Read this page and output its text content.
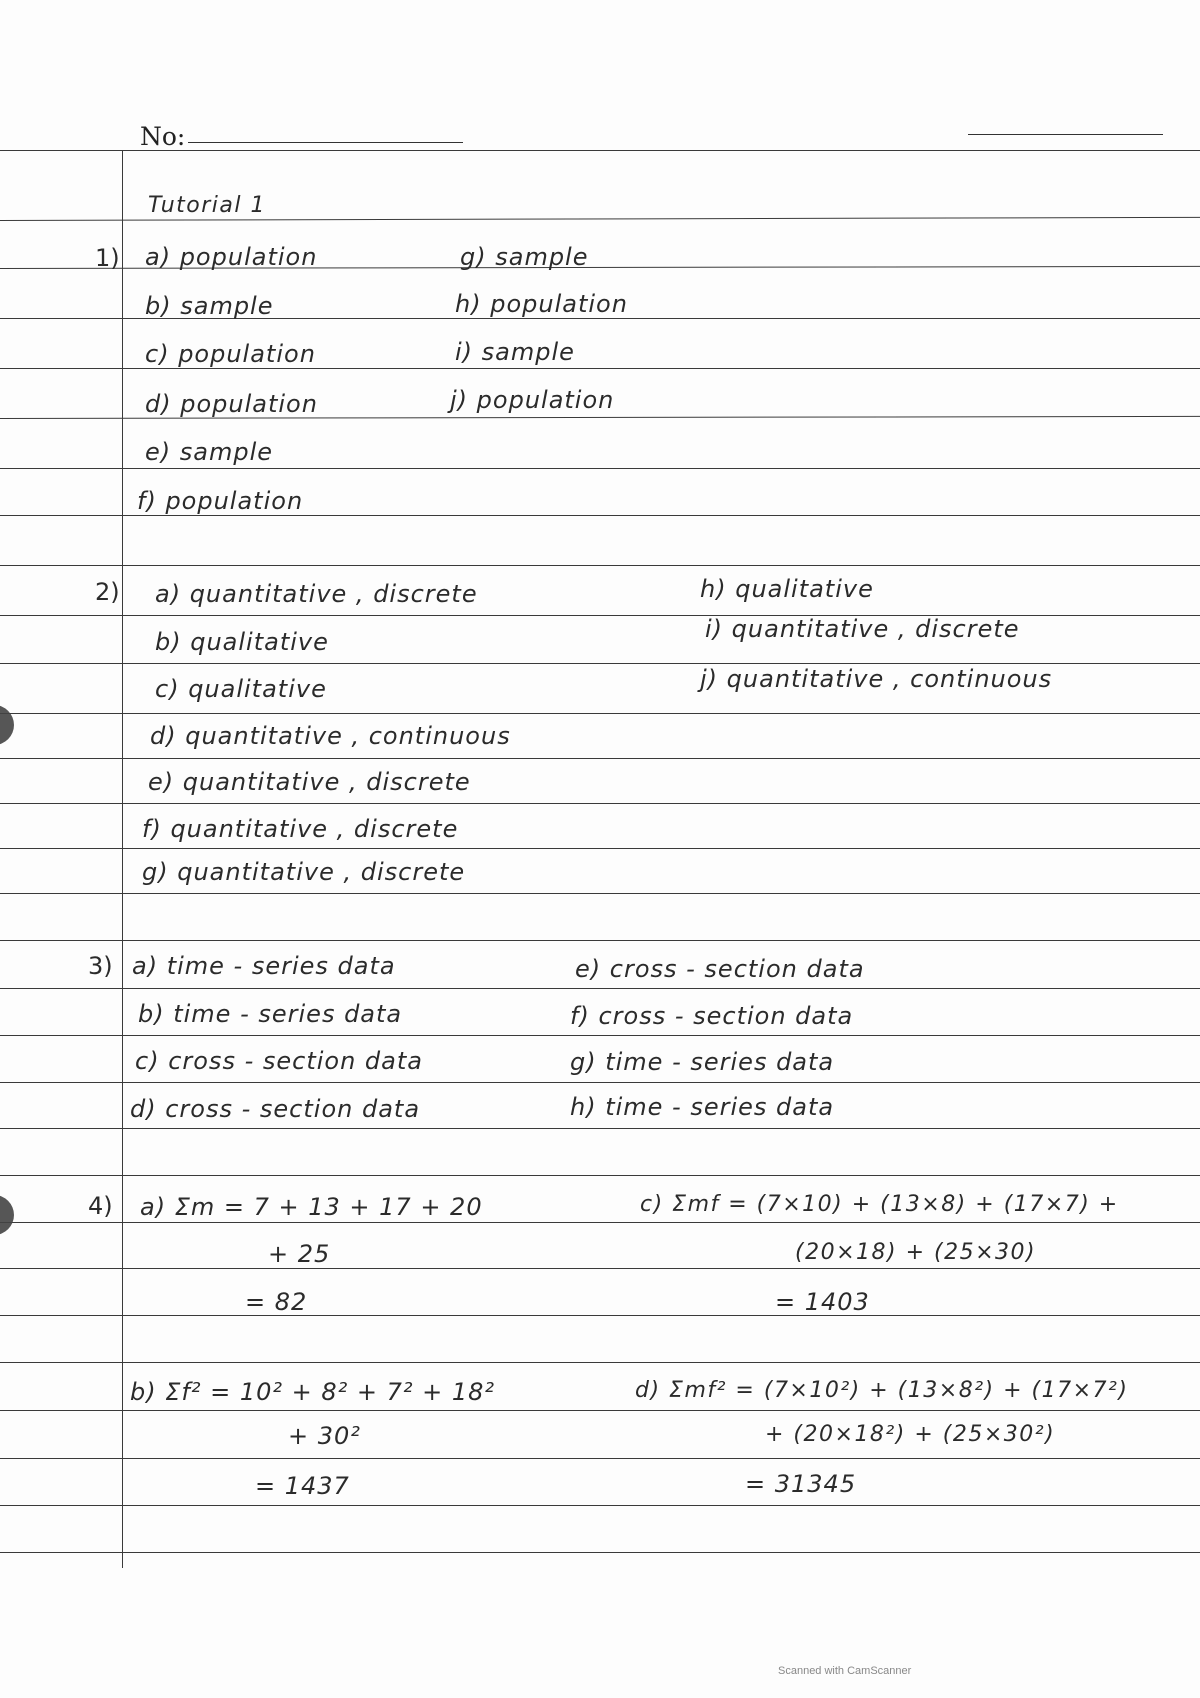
No:
Tutorial 1
1) a) population
b) sample
c) population
d) population
e) sample
f) population
g) sample
h) population
i) sample
j) population
2) a) quantitative , discrete
b) qualitative
c) qualitative
d) quantitative , continuous
e) quantitative , discrete
f) quantitative , discrete
g) quantitative , discrete
h) qualitative
i) quantitative , discrete
j) quantitative , continuous
3) a) time - series data
b) time - series data
c) cross - section data
d) cross - section data
e) cross - section data
f) cross - section data
g) time - series data
h) time - series data
4) a) Σm = 7 + 13 + 17 + 20
+ 25
= 82
b) Σf² = 10² + 8² + 7² + 18²
+ 30²
= 1437
c) Σmf = (7×10) + (13×8) + (17×7) +
(20×18) + (25×30)
= 1403
d) Σmf² = (7×10²) + (13×8²) + (17×7²)
+ (20×18²) + (25×30²)
= 31345
Scanned with CamScanner
